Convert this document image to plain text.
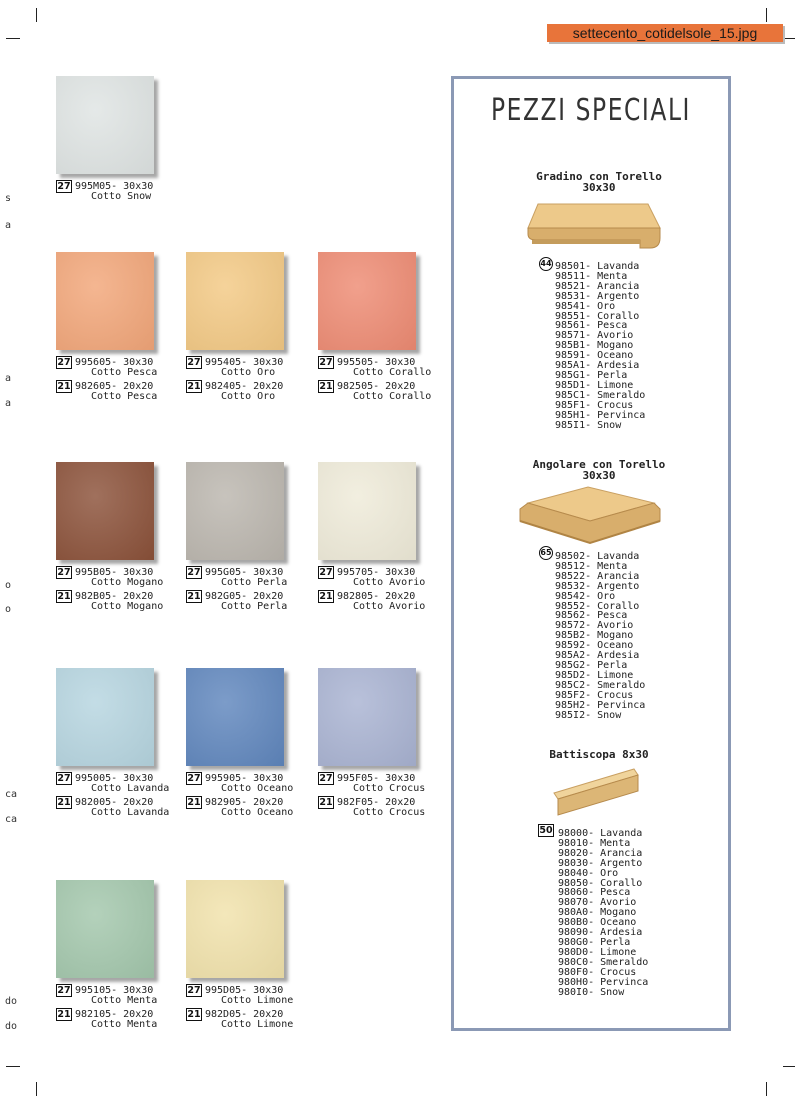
settecento_cotidelsole_15.jpg
s
a
a
a
o
o
ca
ca
do
do
27 995M05- 30x30
Cotto Snow
27 995605- 30x30
Cotto Pesca
21 982605- 20x20
Cotto Pesca
27 995405- 30x30
Cotto Oro
21 982405- 20x20
Cotto Oro
27 995505- 30x30
Cotto Corallo
21 982505- 20x20
Cotto Corallo
27 995B05- 30x30
Cotto Mogano
21 982B05- 20x20
Cotto Mogano
27 995G05- 30x30
Cotto Perla
21 982G05- 20x20
Cotto Perla
27 995705- 30x30
Cotto Avorio
21 982805- 20x20
Cotto Avorio
27 995005- 30x30
Cotto Lavanda
21 982005- 20x20
Cotto Lavanda
27 995905- 30x30
Cotto Oceano
21 982905- 20x20
Cotto Oceano
27 995F05- 30x30
Cotto Crocus
21 982F05- 20x20
Cotto Crocus
27 995105- 30x30
Cotto Menta
21 982105- 20x20
Cotto Menta
27 995D05- 30x30
Cotto Limone
21 982D05- 20x20
Cotto Limone
PEZZI SPECIALI
Gradino con Torello
30x30
44 98501- Lavanda
98511- Menta
98521- Arancia
98531- Argento
98541- Oro
98551- Corallo
98561- Pesca
98571- Avorio
985B1- Mogano
98591- Oceano
985A1- Ardesia
985G1- Perla
985D1- Limone
985C1- Smeraldo
985F1- Crocus
985H1- Pervinca
985I1- Snow
Angolare con Torello
30x30
65 98502- Lavanda
98512- Menta
98522- Arancia
98532- Argento
98542- Oro
98552- Corallo
98562- Pesca
98572- Avorio
985B2- Mogano
98592- Oceano
985A2- Ardesia
985G2- Perla
985D2- Limone
985C2- Smeraldo
985F2- Crocus
985H2- Pervinca
985I2- Snow
Battiscopa 8x30
50 98000- Lavanda
98010- Menta
98020- Arancia
98030- Argento
98040- Oro
98050- Corallo
98060- Pesca
98070- Avorio
980A0- Mogano
980B0- Oceano
98090- Ardesia
980G0- Perla
980D0- Limone
980C0- Smeraldo
980F0- Crocus
980H0- Pervinca
980I0- Snow
